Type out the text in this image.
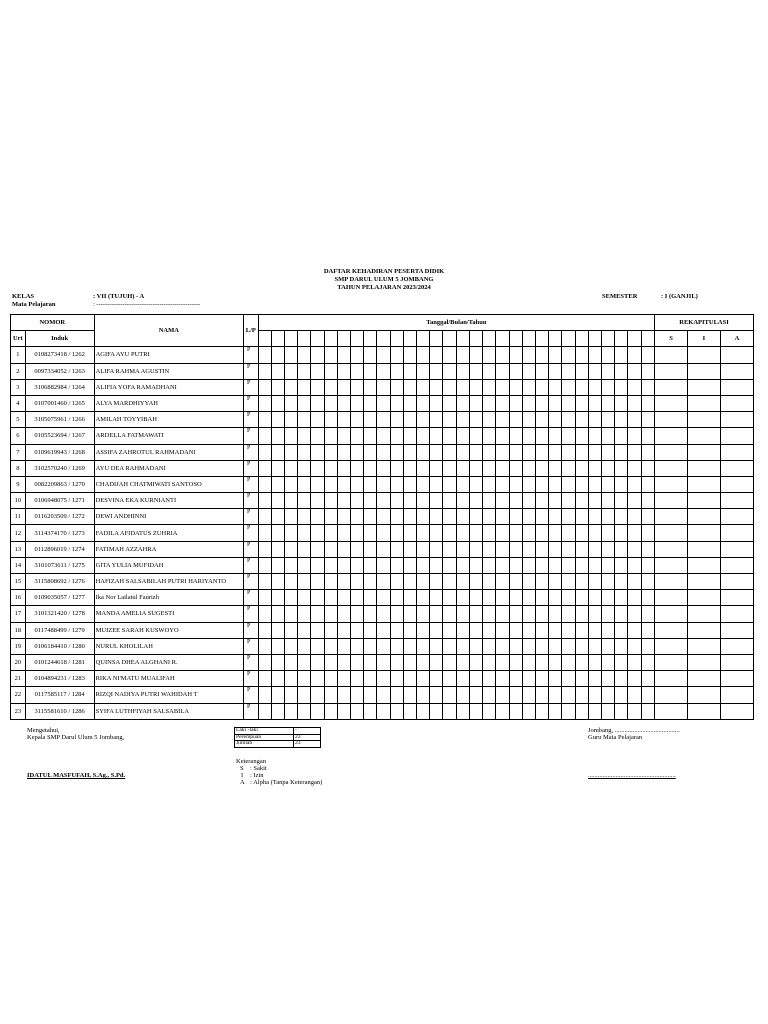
DAFTAR KEHADIRAN PESERTA DIDIK
SMP DARUL ULUM 5 JOMBANG
TAHUN PELAJARAN 2023/2024
KELAS	: VII (TUJUH) - A
Mata Pelajaran	: ------------------------------------------------
SEMESTER	: I (GANJIL)
NOMOR		NAMA	L/P	Tanggal/Bulan/Tahun																														REKAPITULASI		
Urt	Induk																																	S	I	A
1	0108273418 / 1262	AGIFA AYU PUTRI	P																																	
2	0097334052 / 1263	ALIFA RAHMA AGUSTIN	P																																	
3	3106882984 / 1264	ALIFIA YOFA RAMADHANI	P																																	
4	0107001460 / 1265	ALYA MARDHIYYAH	P																																	
5	3105075961 / 1266	AMILAH TOYYIBAH	P																																	
6	0105523694 / 1267	ARDELLA FATMAWATI	P																																	
7	0109619943 / 1268	ASSIFA ZAHROTUL RAHMADANI	P																																	
8	3102570240 / 1269	AYU DEA RAHMADANI	P																																	
9	0082209863 / 1270	CHADIJAH CHATMIWATI SANTOSO	P																																	
10	0106948075 / 1271	DESVINA EKA KURNIANTI	P																																	
11	0116203509 / 1272	DEWI ANDHINNI	P																																	
12	3114374170 / 1273	FADILA AFIDATUS ZUHRIA	P																																	
13	0112896019 / 1274	FATIMAH AZZAHRA	P																																	
14	3101073611 / 1275	GITA YULIA MUFIDAH	P																																	
15	3115808692 / 1276	HAFIZAH SALSABILAH PUTRI HARIYANTO	P																																	
16	0109035057 / 1277	Ika Nor Lailatul Faurizh	P																																	
17	3101321420 / 1278	MANDA AMELIA SUGESTI	P																																	
18	0117488499 / 1279	MUIZEE SARAH KUSWOYO	P																																	
19	0106184410 / 1280	NURUL KHOLILAH	P																																	
20	0101244618 / 1281	QUINSA DHEA ALGHANI R.	P																																	
21	0104894231 / 1283	RIKA NI'MATU MUALIFAH	P																																	
22	0117585117 / 1284	RIZQI NADIYA PUTRI WAHIDAH T	P																																	
23	3115581610 / 1286	SYIFA LUTHFIYAH SALSABILA	P																																	
Mengetahui,
Kepala SMP Darul Ulum 5 Jombang,
IDATUL MASFUFAH, S.Ag., S.Pd.
Laki -laki	-
Perempuan	23
Jumlah	23
Keterangan
S : Sakit
I : Izin
A : Alpha (Tanpa Keterangan)
Jombang, ........................................
Guru Mata Pelajaran
......................................................
